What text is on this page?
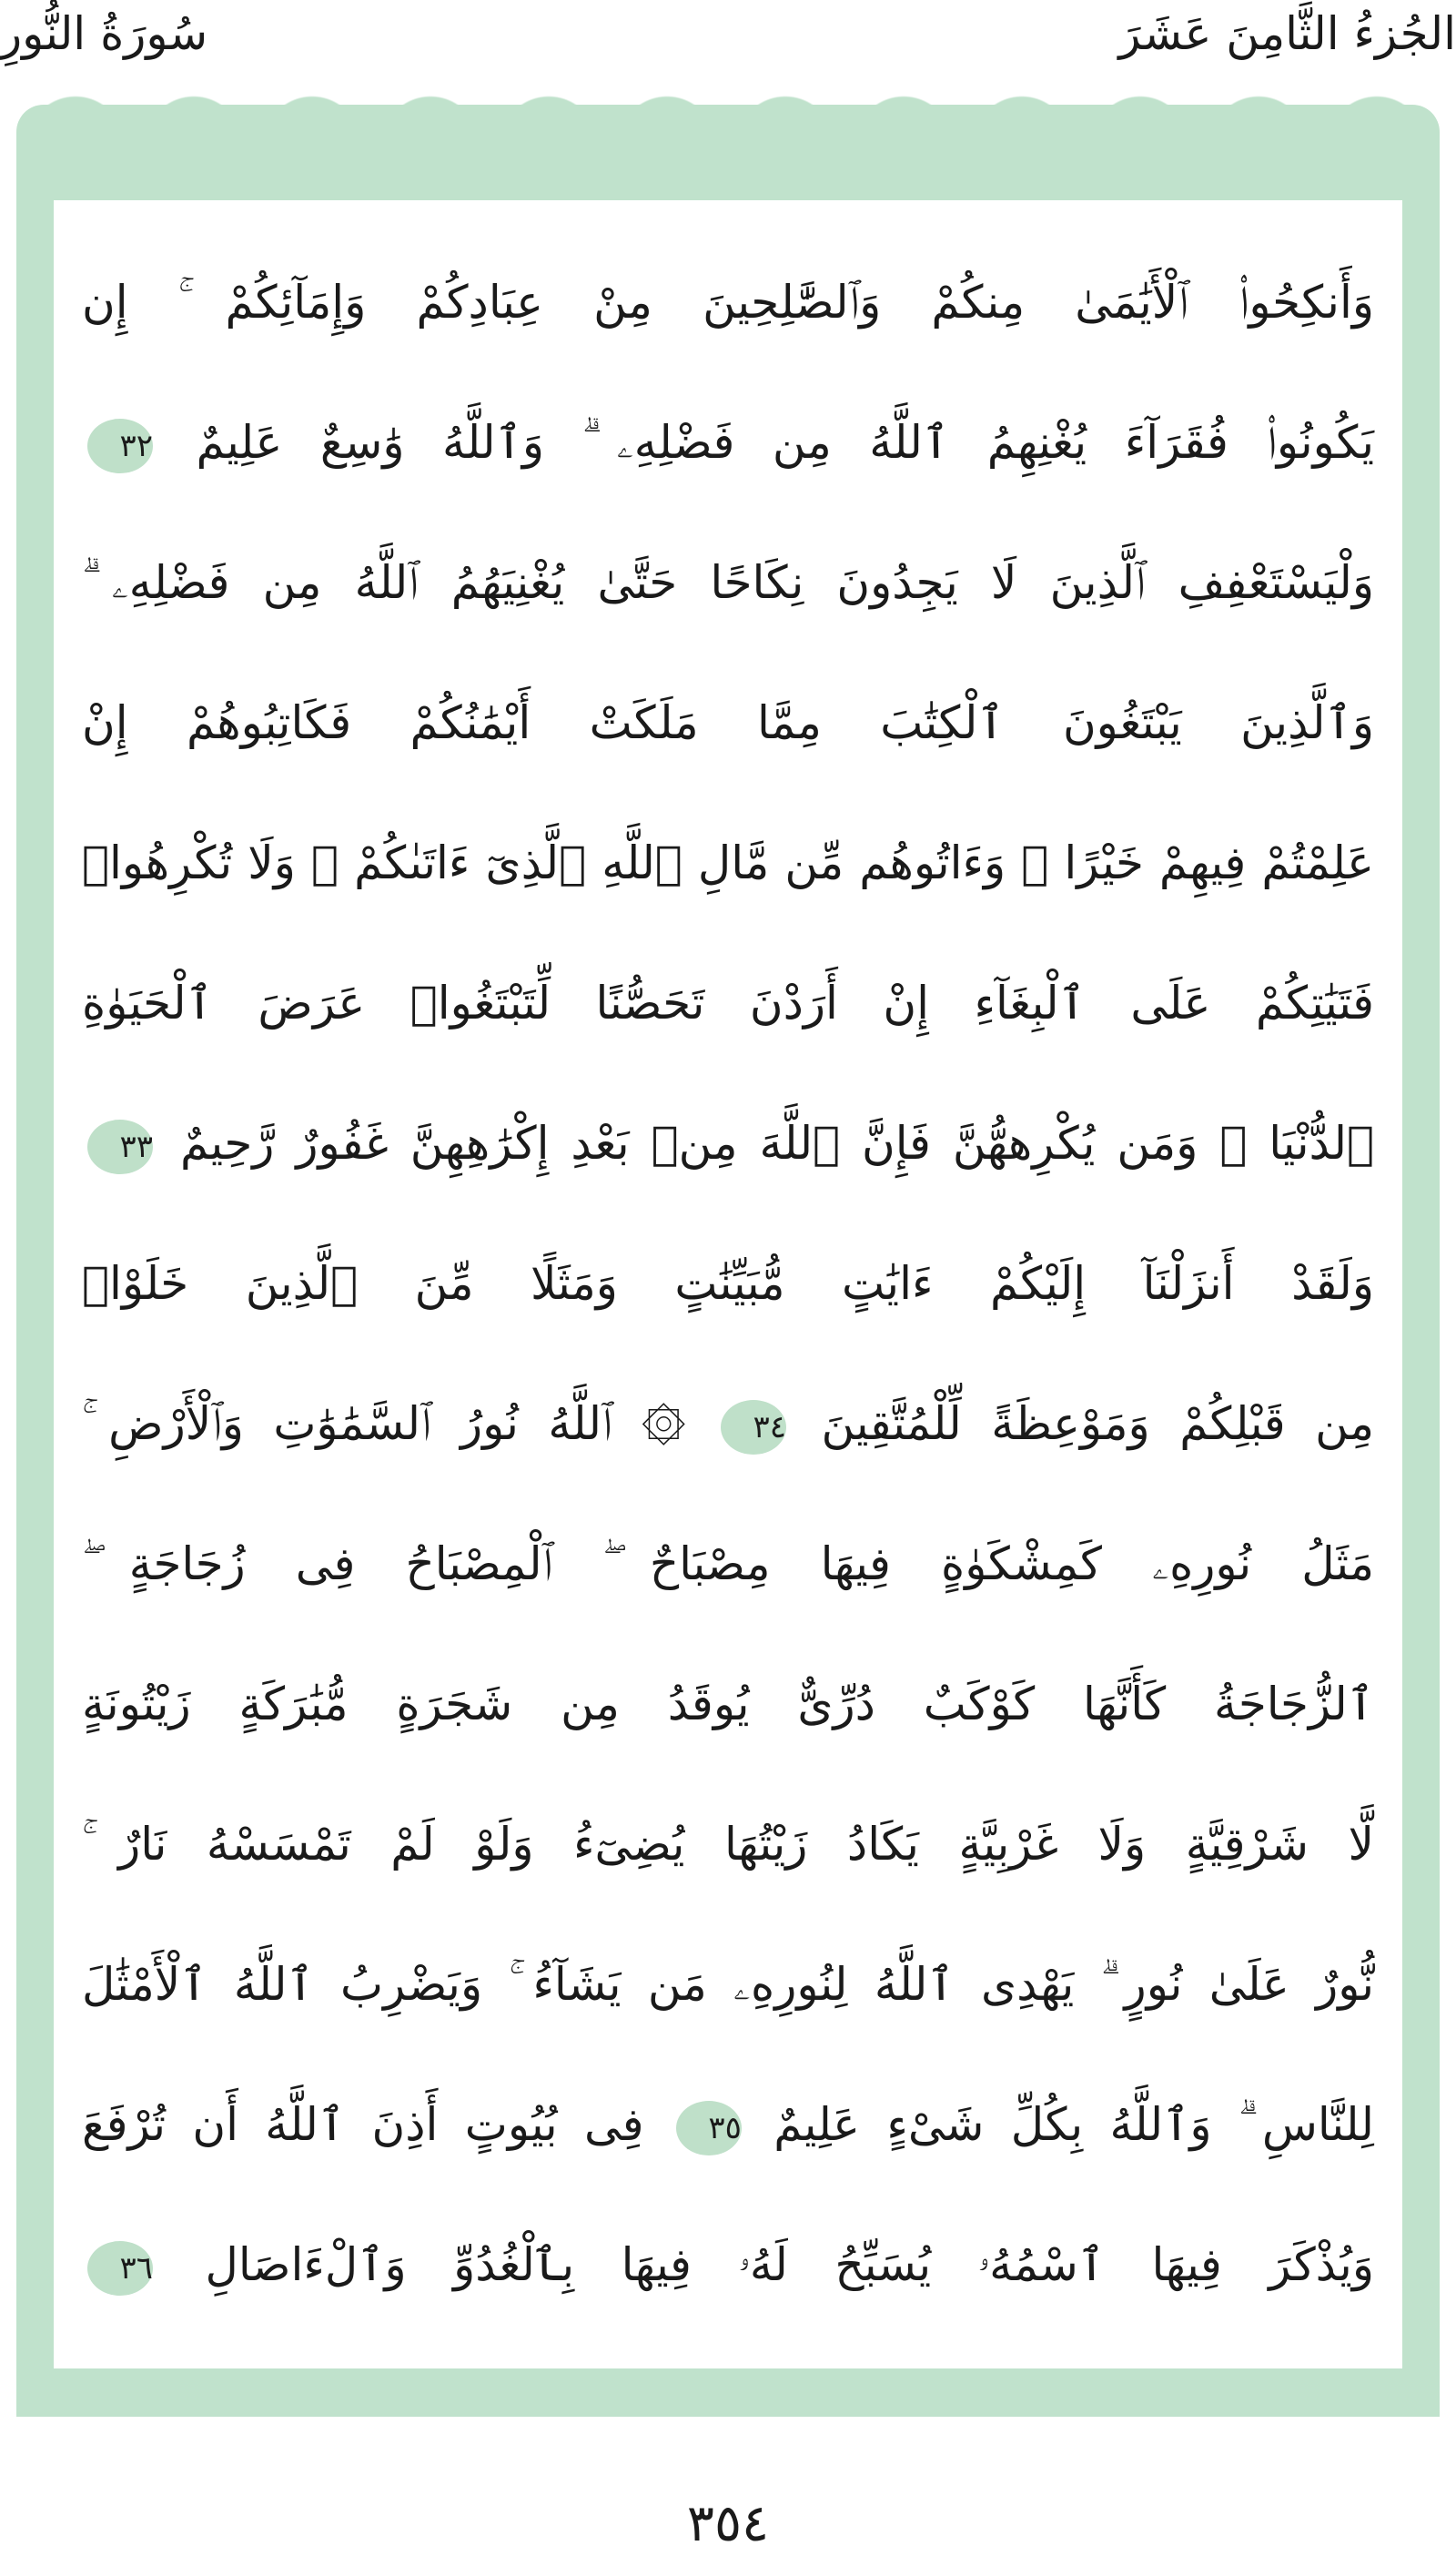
الجُزءُ الثَّامِنَ عَشَرَ
سُورَةُ النُّورِ
وَأَنكِحُوا۟ ٱلْأَيَٰمَىٰ مِنكُمْ وَٱلصَّٰلِحِينَ مِنْ عِبَادِكُمْ وَإِمَآئِكُمْ ۚ إِن
يَكُونُوا۟ فُقَرَآءَ يُغْنِهِمُ ٱللَّهُ مِن فَضْلِهِۦ ۗ وَٱللَّهُ وَٰسِعٌ عَلِيمٌ ٣٢
وَلْيَسْتَعْفِفِ ٱلَّذِينَ لَا يَجِدُونَ نِكَاحًا حَتَّىٰ يُغْنِيَهُمُ ٱللَّهُ مِن فَضْلِهِۦ ۗ
وَٱلَّذِينَ يَبْتَغُونَ ٱلْكِتَٰبَ مِمَّا مَلَكَتْ أَيْمَٰنُكُمْ فَكَاتِبُوهُمْ إِنْ
عَلِمْتُمْ فِيهِمْ خَيْرًا ۖ وَءَاتُوهُم مِّن مَّالِ ٱللَّهِ ٱلَّذِىٓ ءَاتَىٰكُمْ ۚ وَلَا تُكْرِهُوا۟
فَتَيَٰتِكُمْ عَلَى ٱلْبِغَآءِ إِنْ أَرَدْنَ تَحَصُّنًا لِّتَبْتَغُوا۟ عَرَضَ ٱلْحَيَوٰةِ
ٱلدُّنْيَا ۚ وَمَن يُكْرِههُّنَّ فَإِنَّ ٱللَّهَ مِنۢ بَعْدِ إِكْرَٰهِهِنَّ غَفُورٌ رَّحِيمٌ ٣٣
وَلَقَدْ أَنزَلْنَآ إِلَيْكُمْ ءَايَٰتٍ مُّبَيِّنَٰتٍ وَمَثَلًا مِّنَ ٱلَّذِينَ خَلَوْا۟
مِن قَبْلِكُمْ وَمَوْعِظَةً لِّلْمُتَّقِينَ ٣٤ ۞ ٱللَّهُ نُورُ ٱلسَّمَٰوَٰتِ وَٱلْأَرْضِ ۚ
مَثَلُ نُورِهِۦ كَمِشْكَوٰةٍ فِيهَا مِصْبَاحٌ ۖ ٱلْمِصْبَاحُ فِى زُجَاجَةٍ ۖ
ٱلزُّجَاجَةُ كَأَنَّهَا كَوْكَبٌ دُرِّىٌّ يُوقَدُ مِن شَجَرَةٍ مُّبَٰرَكَةٍ زَيْتُونَةٍ
لَّا شَرْقِيَّةٍ وَلَا غَرْبِيَّةٍ يَكَادُ زَيْتُهَا يُضِىٓءُ وَلَوْ لَمْ تَمْسَسْهُ نَارٌ ۚ
نُّورٌ عَلَىٰ نُورٍ ۗ يَهْدِى ٱللَّهُ لِنُورِهِۦ مَن يَشَآءُ ۚ وَيَضْرِبُ ٱللَّهُ ٱلْأَمْثَٰلَ
لِلنَّاسِ ۗ وَٱللَّهُ بِكُلِّ شَىْءٍ عَلِيمٌ ٣٥ فِى بُيُوتٍ أَذِنَ ٱللَّهُ أَن تُرْفَعَ
وَيُذْكَرَ فِيهَا ٱسْمُهُۥ يُسَبِّحُ لَهُۥ فِيهَا بِٱلْغُدُوِّ وَٱلْءَاصَالِ ٣٦
٣٥٤
